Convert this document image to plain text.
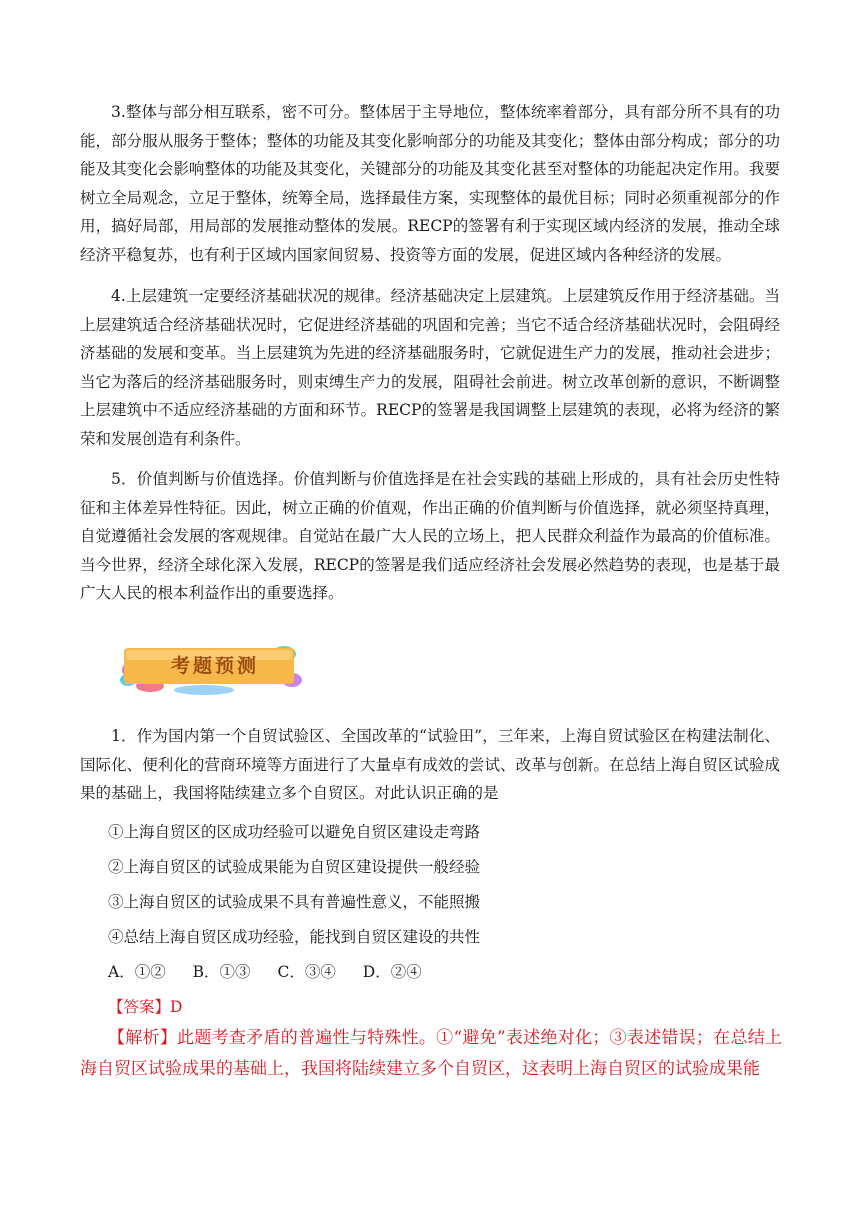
3.整体与部分相互联系，密不可分。整体居于主导地位，整体统率着部分，具有部分所不具有的功能，部分服从服务于整体；整体的功能及其变化影响部分的功能及其变化；整体由部分构成；部分的功能及其变化会影响整体的功能及其变化，关键部分的功能及其变化甚至对整体的功能起决定作用。我要树立全局观念，立足于整体，统筹全局，选择最佳方案，实现整体的最优目标；同时必须重视部分的作用，搞好局部，用局部的发展推动整体的发展。RECP的签署有利于实现区域内经济的发展，推动全球经济平稳复苏，也有利于区域内国家间贸易、投资等方面的发展，促进区域内各种经济的发展。

4.上层建筑一定要经济基础状况的规律。经济基础决定上层建筑。上层建筑反作用于经济基础。当上层建筑适合经济基础状况时，它促进经济基础的巩固和完善；当它不适合经济基础状况时，会阻碍经济基础的发展和变革。当上层建筑为先进的经济基础服务时，它就促进生产力的发展，推动社会进步；当它为落后的经济基础服务时，则束缚生产力的发展，阻碍社会前进。树立改革创新的意识，不断调整上层建筑中不适应经济基础的方面和环节。RECP的签署是我国调整上层建筑的表现，必将为经济的繁荣和发展创造有利条件。

5．价值判断与价值选择。价值判断与价值选择是在社会实践的基础上形成的，具有社会历史性特征和主体差异性特征。因此，树立正确的价值观，作出正确的价值判断与价值选择，就必须坚持真理，自觉遵循社会发展的客观规律。自觉站在最广大人民的立场上，把人民群众利益作为最高的价值标准。当今世界，经济全球化深入发展，RECP的签署是我们适应经济社会发展必然趋势的表现，也是基于最广大人民的根本利益作出的重要选择。

考题预测

1．作为国内第一个自贸试验区、全国改革的“试验田”，三年来，上海自贸试验区在构建法制化、国际化、便利化的营商环境等方面进行了大量卓有成效的尝试、改革与创新。在总结上海自贸区试验成果的基础上，我国将陆续建立多个自贸区。对此认识正确的是

①上海自贸区的区成功经验可以避免自贸区建设走弯路

②上海自贸区的试验成果能为自贸区建设提供一般经验

③上海自贸区的试验成果不具有普遍性意义，不能照搬

④总结上海自贸区成功经验，能找到自贸区建设的共性

A．①② B．①③ C．③④ D．②④
【答案】D

【解析】此题考查矛盾的普遍性与特殊性。①“避免”表述绝对化；③表述错误；在总结上海自贸区试验成果的基础上，我国将陆续建立多个自贸区，这表明上海自贸区的试验成果能
